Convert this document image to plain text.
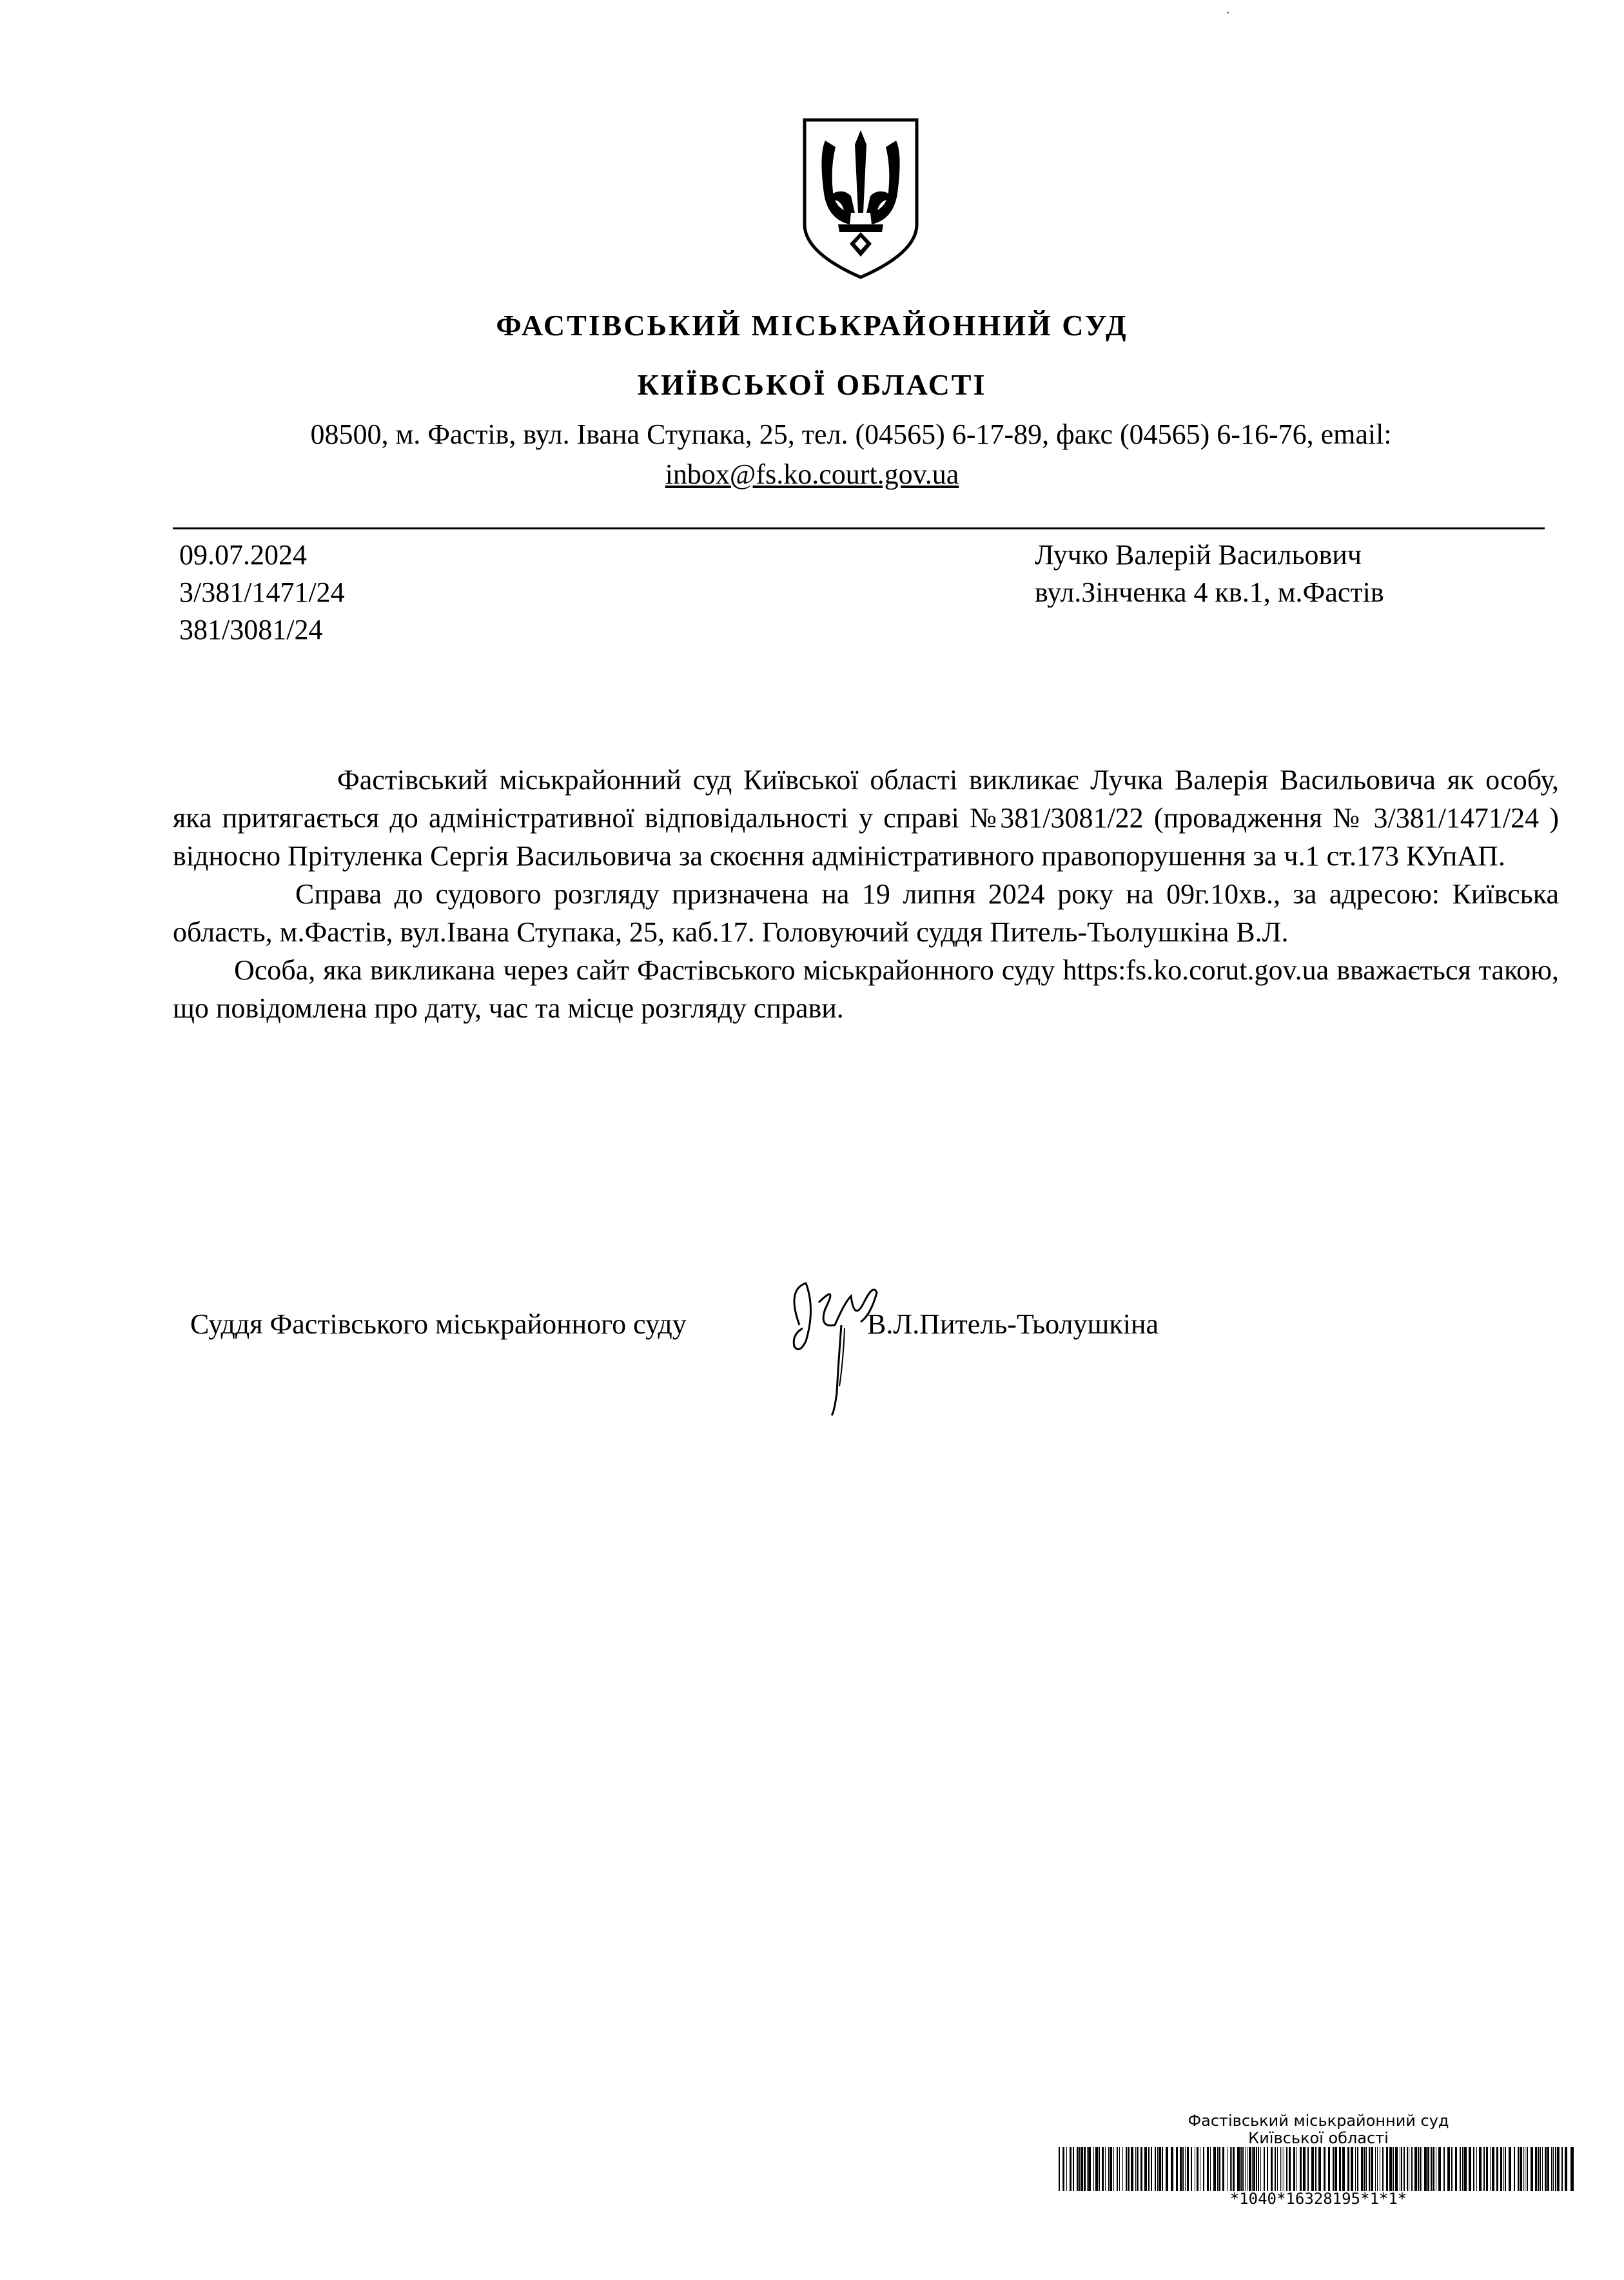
ФАСТІВСЬКИЙ МІСЬКРАЙОННИЙ СУД
КИЇВСЬКОЇ ОБЛАСТІ
08500, м. Фастів, вул. Івана Ступака, 25, тел. (04565) 6-17-89, факс (04565) 6-16-76, email:
inbox@fs.ko.court.gov.ua
09.07.2024
3/381/1471/24
381/3081/24
Лучко Валерій Васильович
вул.Зінченка 4 кв.1, м.Фастів

Фастівський міськрайонний суд Київської області викликає Лучка Валерія Васильовича як особу, яка притягається до адміністративної відповідальності у справі №381/3081/22 (провадження № 3/381/1471/24 ) відносно Прітуленка Сергія Васильовича за скоєння адміністративного правопорушення за ч.1 ст.173 КУпАП.

Справа до судового розгляду призначена на 19 липня 2024 року на 09г.10хв., за адресою: Київська область, м.Фастів, вул.Івана Ступака, 25, каб.17. Головуючий суддя Питель-Тьолушкіна В.Л.

Особа, яка викликана через сайт Фастівського міськрайонного суду https:fs.ko.corut.gov.ua вважається такою, що повідомлена про дату, час та місце розгляду справи.

Суддя Фастівського міськрайонного суду	В.Л.Питель-Тьолушкіна
Фастівський міськрайонний суд
Київської області
*1040*16328195*1*1*
